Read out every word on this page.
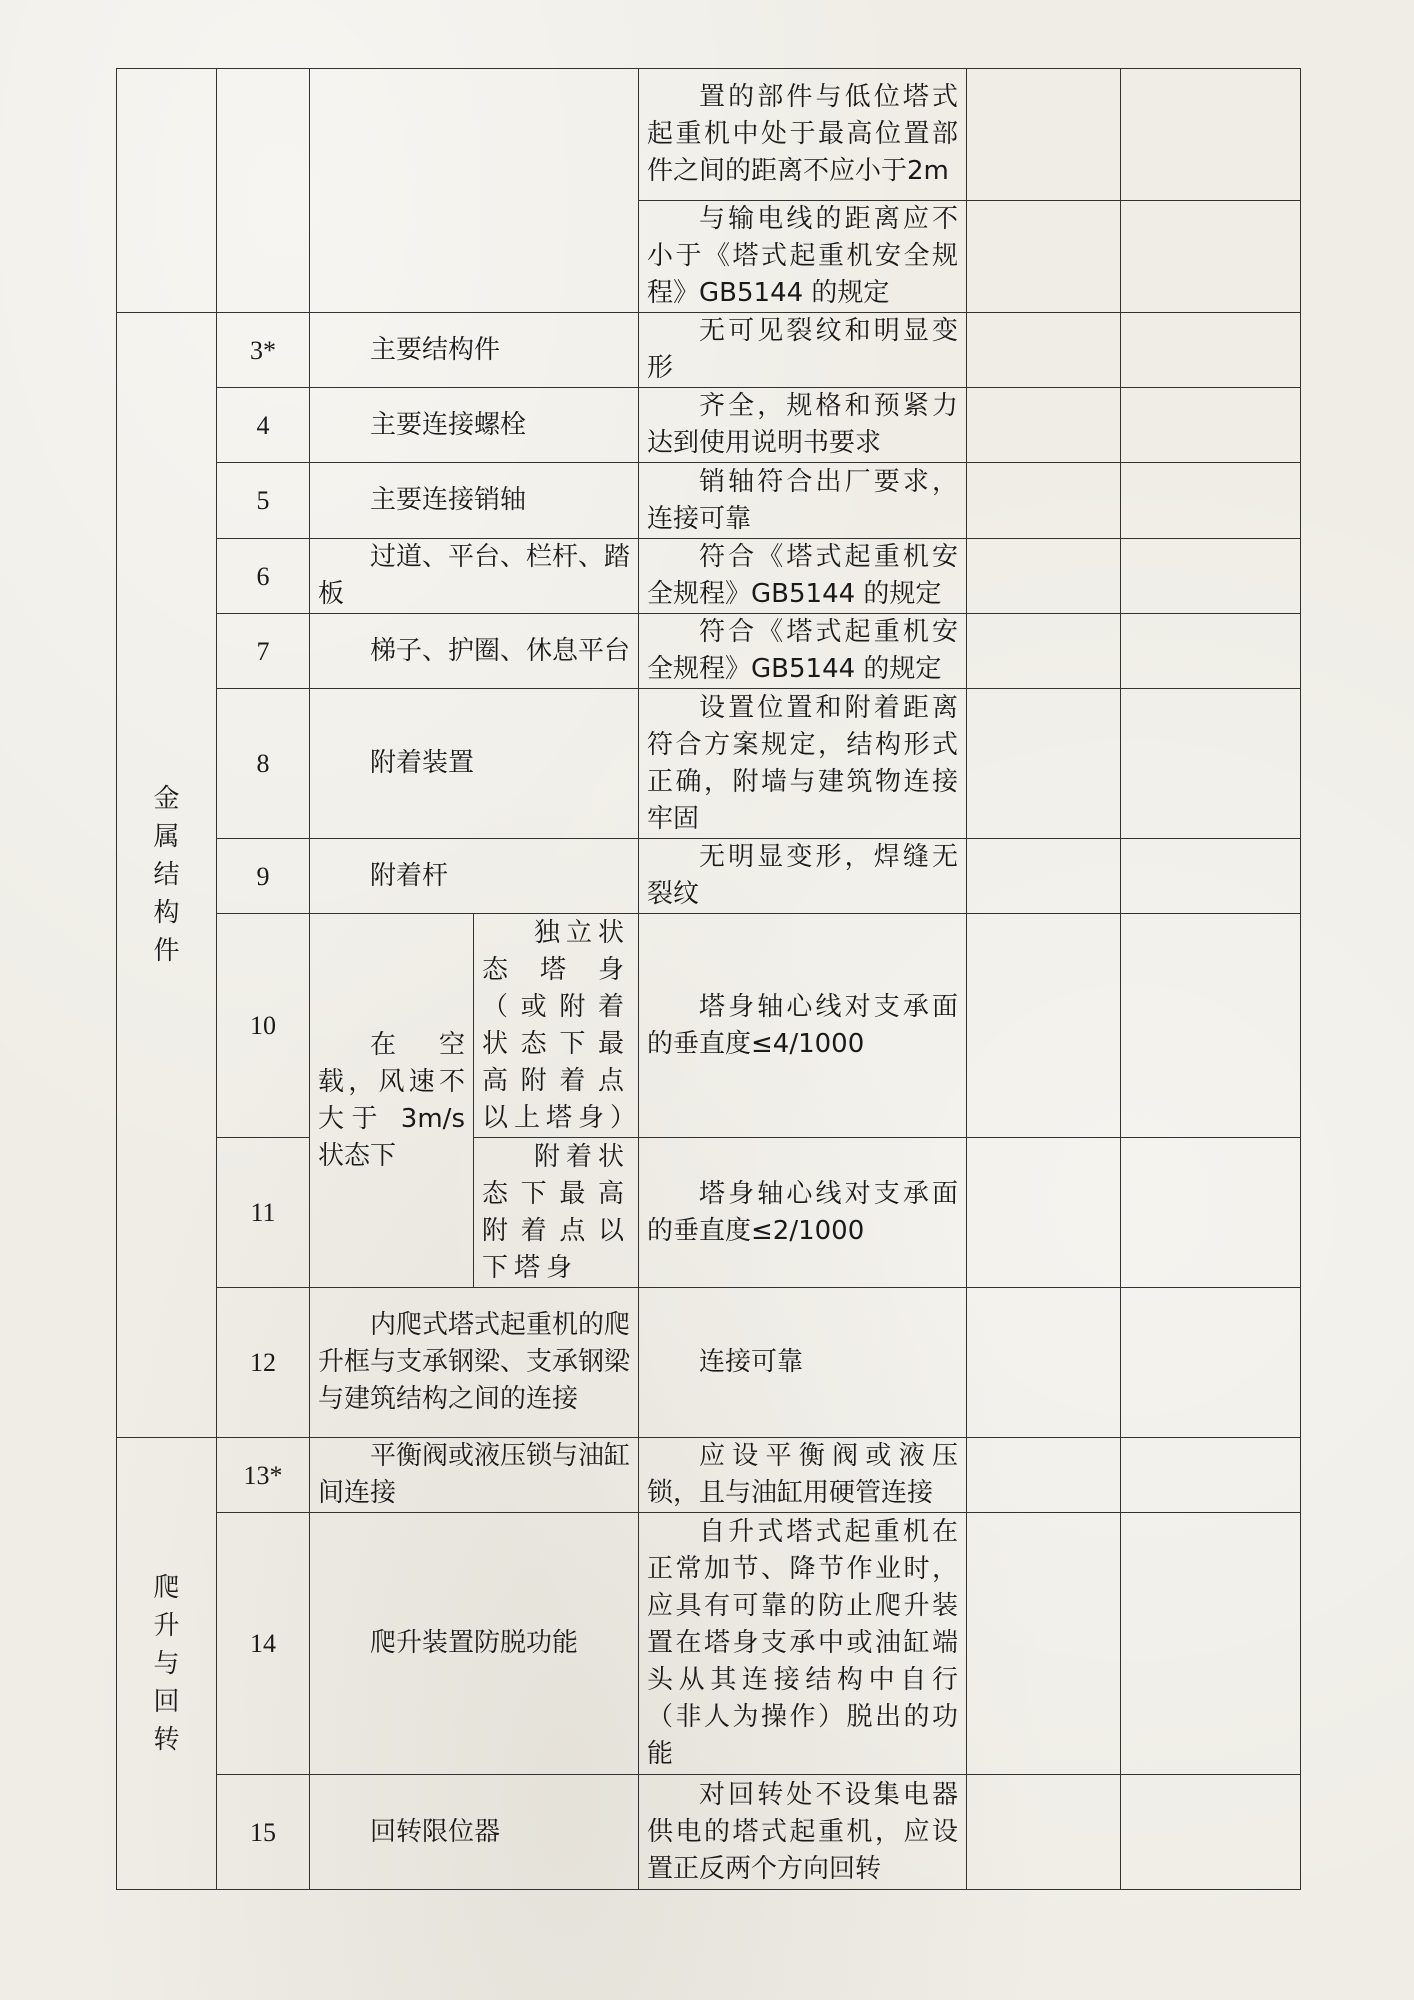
				置的部件与低位塔式起重机中处于最高位置部件之间的距离不应小于2m		
				与输电线的距离应不小于《塔式起重机安全规程》GB5144 的规定		

金属结构件	3*	主要结构件		无可见裂纹和明显变形		
	4	主要连接螺栓		齐全，规格和预紧力达到使用说明书要求		
	5	主要连接销轴		销轴符合出厂要求，连接可靠		
	6	过道、平台、栏杆、踏板		符合《塔式起重机安全规程》GB5144 的规定		
	7	梯子、护圈、休息平台		符合《塔式起重机安全规程》GB5144 的规定		
	8	附着装置		设置位置和附着距离符合方案规定，结构形式正确，附墙与建筑物连接牢固		
	9	附着杆		无明显变形，焊缝无裂纹		
	10	在空载，风速不大于 3m/s 状态下	独立状态塔身（或附着状态下最高附着点以上塔身）	塔身轴心线对支承面的垂直度≤4/1000		
	11		附着状态下最高附着点以下塔身	塔身轴心线对支承面的垂直度≤2/1000		
	12	内爬式塔式起重机的爬升框与支承钢梁、支承钢梁与建筑结构之间的连接		连接可靠		

爬升与回转	13*	平衡阀或液压锁与油缸间连接		应设平衡阀或液压锁，且与油缸用硬管连接		
	14	爬升装置防脱功能		自升式塔式起重机在正常加节、降节作业时，应具有可靠的防止爬升装置在塔身支承中或油缸端头从其连接结构中自行（非人为操作）脱出的功能		
	15	回转限位器		对回转处不设集电器供电的塔式起重机，应设置正反两个方向回转		
